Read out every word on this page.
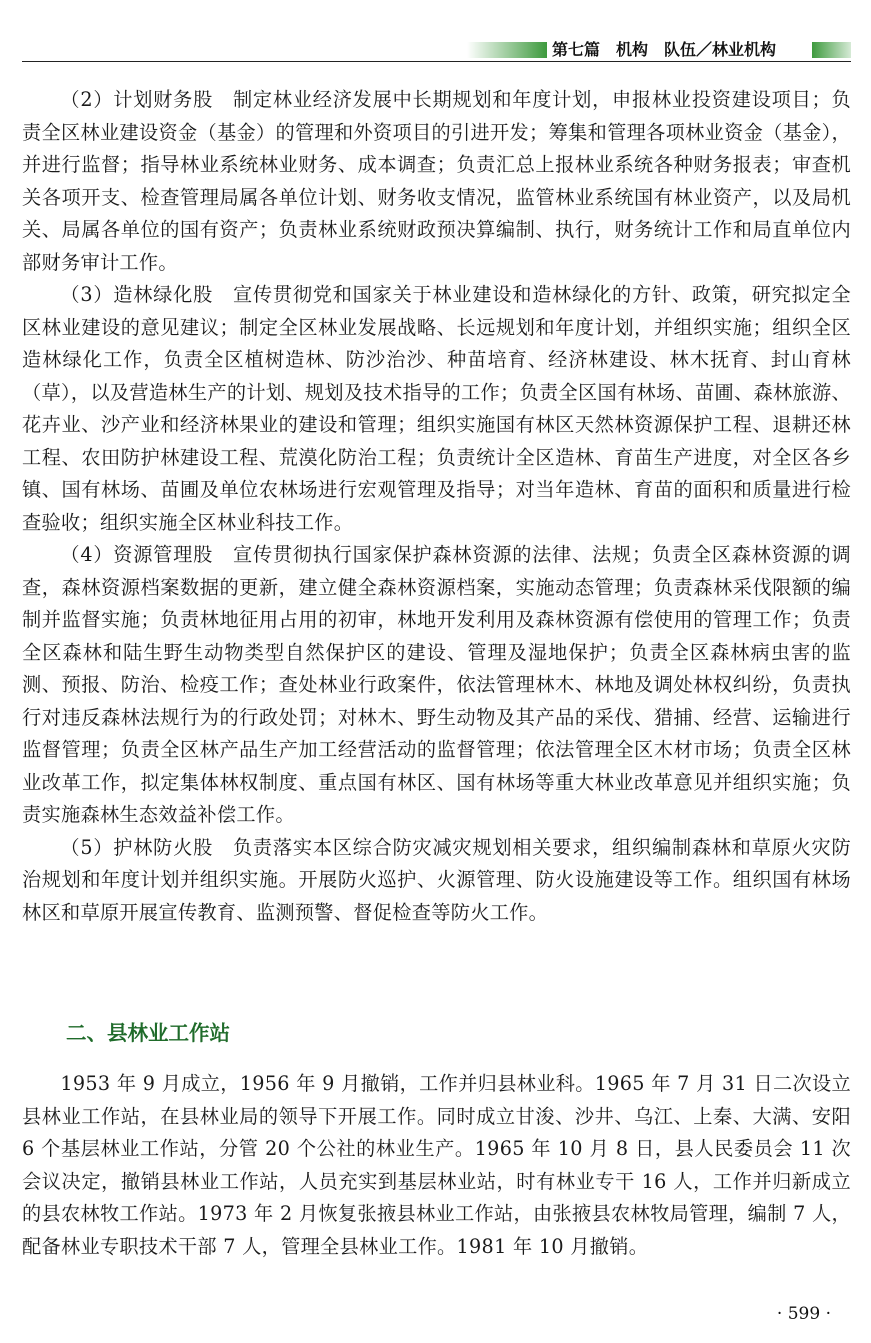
第七篇　机构　队伍／林业机构

（2）计划财务股　制定林业经济发展中长期规划和年度计划，申报林业投资建设项目；负责全区林业建设资金（基金）的管理和外资项目的引进开发；筹集和管理各项林业资金（基金），并进行监督；指导林业系统林业财务、成本调查；负责汇总上报林业系统各种财务报表；审查机关各项开支、检查管理局属各单位计划、财务收支情况，监管林业系统国有林业资产，以及局机关、局属各单位的国有资产；负责林业系统财政预决算编制、执行，财务统计工作和局直单位内部财务审计工作。

（3）造林绿化股　宣传贯彻党和国家关于林业建设和造林绿化的方针、政策，研究拟定全区林业建设的意见建议；制定全区林业发展战略、长远规划和年度计划，并组织实施；组织全区造林绿化工作，负责全区植树造林、防沙治沙、种苗培育、经济林建设、林木抚育、封山育林（草），以及营造林生产的计划、规划及技术指导的工作；负责全区国有林场、苗圃、森林旅游、花卉业、沙产业和经济林果业的建设和管理；组织实施国有林区天然林资源保护工程、退耕还林工程、农田防护林建设工程、荒漠化防治工程；负责统计全区造林、育苗生产进度，对全区各乡镇、国有林场、苗圃及单位农林场进行宏观管理及指导；对当年造林、育苗的面积和质量进行检查验收；组织实施全区林业科技工作。

（4）资源管理股　宣传贯彻执行国家保护森林资源的法律、法规；负责全区森林资源的调查，森林资源档案数据的更新，建立健全森林资源档案，实施动态管理；负责森林采伐限额的编制并监督实施；负责林地征用占用的初审，林地开发利用及森林资源有偿使用的管理工作；负责全区森林和陆生野生动物类型自然保护区的建设、管理及湿地保护；负责全区森林病虫害的监测、预报、防治、检疫工作；查处林业行政案件，依法管理林木、林地及调处林权纠纷，负责执行对违反森林法规行为的行政处罚；对林木、野生动物及其产品的采伐、猎捕、经营、运输进行监督管理；负责全区林产品生产加工经营活动的监督管理；依法管理全区木材市场；负责全区林业改革工作，拟定集体林权制度、重点国有林区、国有林场等重大林业改革意见并组织实施；负责实施森林生态效益补偿工作。

（5）护林防火股　负责落实本区综合防灾减灾规划相关要求，组织编制森林和草原火灾防治规划和年度计划并组织实施。开展防火巡护、火源管理、防火设施建设等工作。组织国有林场林区和草原开展宣传教育、监测预警、督促检查等防火工作。

二、县林业工作站

1953 年 9 月成立，1956 年 9 月撤销，工作并归县林业科。1965 年 7 月 31 日二次设立县林业工作站，在县林业局的领导下开展工作。同时成立甘浚、沙井、乌江、上秦、大满、安阳 6 个基层林业工作站，分管 20 个公社的林业生产。1965 年 10 月 8 日，县人民委员会 11 次会议决定，撤销县林业工作站，人员充实到基层林业站，时有林业专干 16 人，工作并归新成立的县农林牧工作站。1973 年 2 月恢复张掖县林业工作站，由张掖县农林牧局管理，编制 7 人，配备林业专职技术干部 7 人，管理全县林业工作。1981 年 10 月撤销。

· 599 ·
